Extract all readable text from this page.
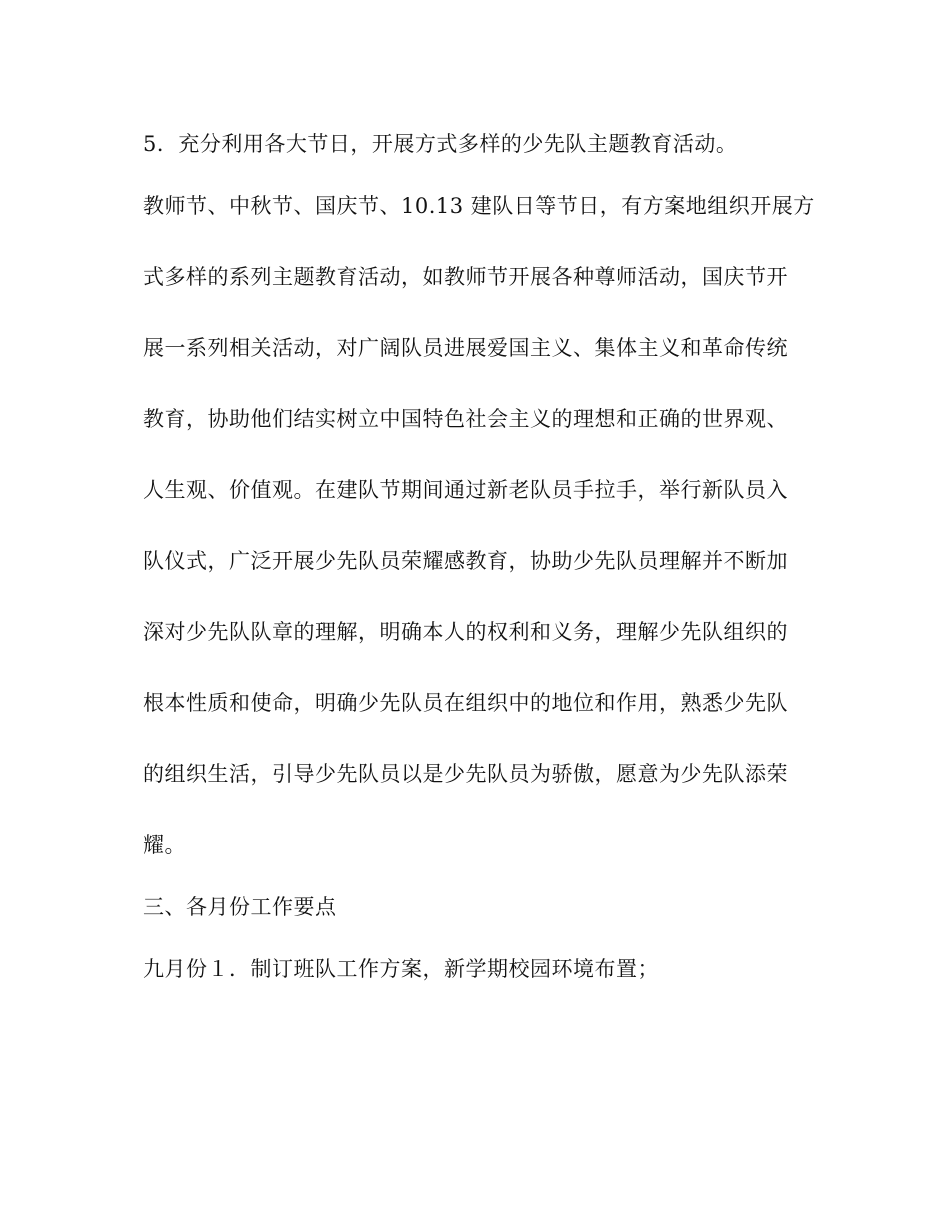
5．充分利用各大节日，开展方式多样的少先队主题教育活动。
教师节、中秋节、国庆节、10.13 建队日等节日，有方案地组织开展方
式多样的系列主题教育活动，如教师节开展各种尊师活动，国庆节开
展一系列相关活动，对广阔队员进展爱国主义、集体主义和革命传统
教育，协助他们结实树立中国特色社会主义的理想和正确的世界观、
人生观、价值观。在建队节期间通过新老队员手拉手，举行新队员入
队仪式，广泛开展少先队员荣耀感教育，协助少先队员理解并不断加
深对少先队队章的理解，明确本人的权利和义务，理解少先队组织的
根本性质和使命，明确少先队员在组织中的地位和作用，熟悉少先队
的组织生活，引导少先队员以是少先队员为骄傲，愿意为少先队添荣
耀。
三、各月份工作要点
九月份１．制订班队工作方案，新学期校园环境布置；
